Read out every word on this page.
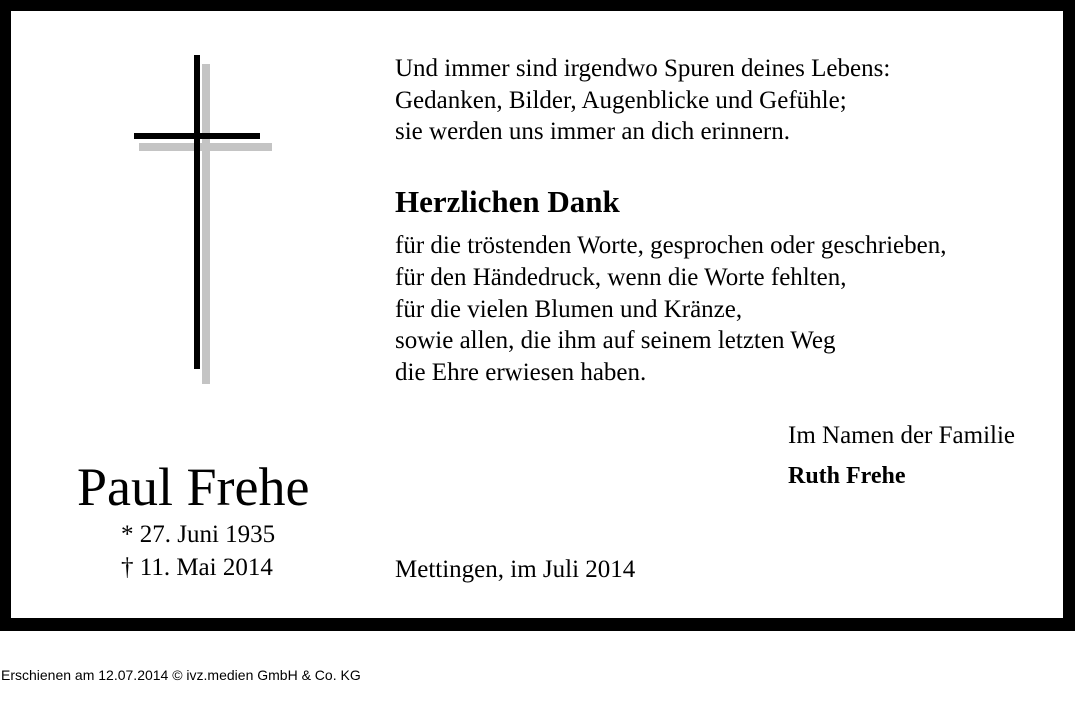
Und immer sind irgendwo Spuren deines Lebens:
Gedanken, Bilder, Augenblicke und Gefühle;
sie werden uns immer an dich erinnern.
Herzlichen Dank
für die tröstenden Worte, gesprochen oder geschrieben,
für den Händedruck, wenn die Worte fehlten,
für die vielen Blumen und Kränze,
sowie allen, die ihm auf seinem letzten Weg
die Ehre erwiesen haben.
Im Namen der Familie
Ruth Frehe
Paul Frehe
* 27. Juni 1935
† 11. Mai 2014	Mettingen, im Juli 2014
Erschienen am 12.07.2014 © ivz.medien GmbH & Co. KG
